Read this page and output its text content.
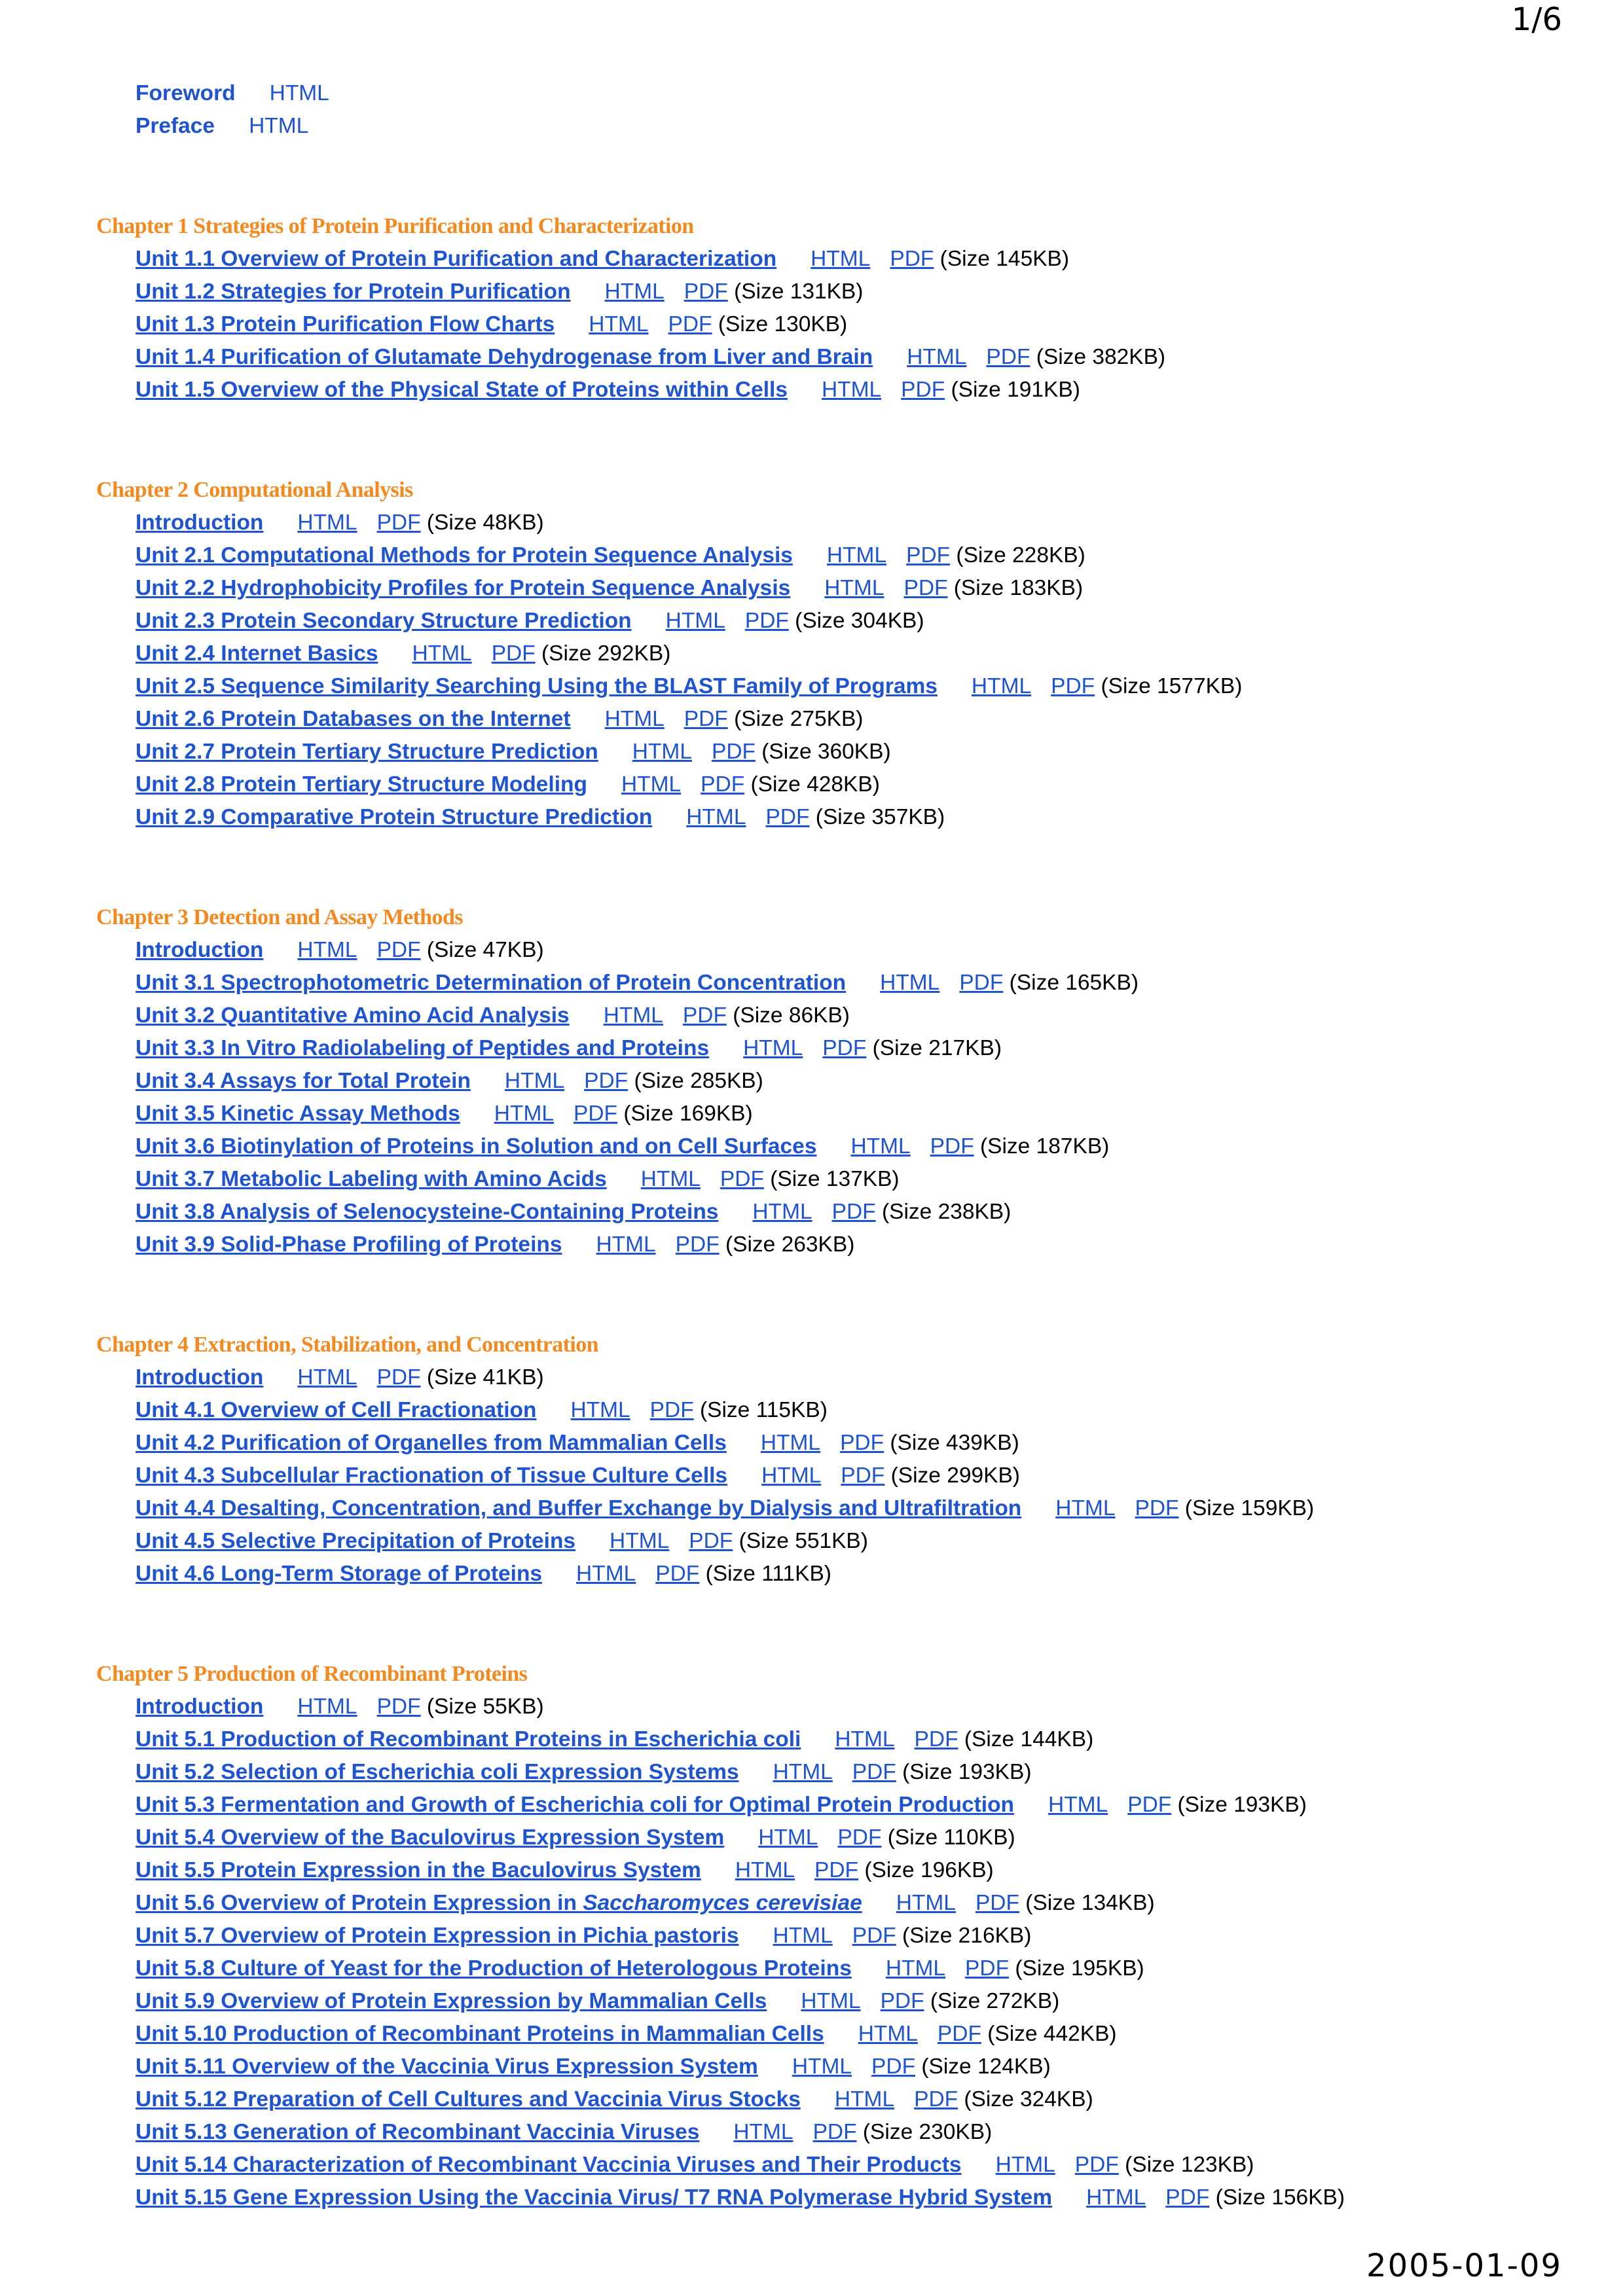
1/6
Foreword HTML
Preface HTML
Chapter 1 Strategies of Protein Purification and Characterization
Unit 1.1 Overview of Protein Purification and Characterization HTML PDF (Size 145KB)
Unit 1.2 Strategies for Protein Purification HTML PDF (Size 131KB)
Unit 1.3 Protein Purification Flow Charts HTML PDF (Size 130KB)
Unit 1.4 Purification of Glutamate Dehydrogenase from Liver and Brain HTML PDF (Size 382KB)
Unit 1.5 Overview of the Physical State of Proteins within Cells HTML PDF (Size 191KB)
Chapter 2 Computational Analysis
Introduction HTML PDF (Size 48KB)
Unit 2.1 Computational Methods for Protein Sequence Analysis HTML PDF (Size 228KB)
Unit 2.2 Hydrophobicity Profiles for Protein Sequence Analysis HTML PDF (Size 183KB)
Unit 2.3 Protein Secondary Structure Prediction HTML PDF (Size 304KB)
Unit 2.4 Internet Basics HTML PDF (Size 292KB)
Unit 2.5 Sequence Similarity Searching Using the BLAST Family of Programs HTML PDF (Size 1577KB)
Unit 2.6 Protein Databases on the Internet HTML PDF (Size 275KB)
Unit 2.7 Protein Tertiary Structure Prediction HTML PDF (Size 360KB)
Unit 2.8 Protein Tertiary Structure Modeling HTML PDF (Size 428KB)
Unit 2.9 Comparative Protein Structure Prediction HTML PDF (Size 357KB)
Chapter 3 Detection and Assay Methods
Introduction HTML PDF (Size 47KB)
Unit 3.1 Spectrophotometric Determination of Protein Concentration HTML PDF (Size 165KB)
Unit 3.2 Quantitative Amino Acid Analysis HTML PDF (Size 86KB)
Unit 3.3 In Vitro Radiolabeling of Peptides and Proteins HTML PDF (Size 217KB)
Unit 3.4 Assays for Total Protein HTML PDF (Size 285KB)
Unit 3.5 Kinetic Assay Methods HTML PDF (Size 169KB)
Unit 3.6 Biotinylation of Proteins in Solution and on Cell Surfaces HTML PDF (Size 187KB)
Unit 3.7 Metabolic Labeling with Amino Acids HTML PDF (Size 137KB)
Unit 3.8 Analysis of Selenocysteine-Containing Proteins HTML PDF (Size 238KB)
Unit 3.9 Solid-Phase Profiling of Proteins HTML PDF (Size 263KB)
Chapter 4 Extraction, Stabilization, and Concentration
Introduction HTML PDF (Size 41KB)
Unit 4.1 Overview of Cell Fractionation HTML PDF (Size 115KB)
Unit 4.2 Purification of Organelles from Mammalian Cells HTML PDF (Size 439KB)
Unit 4.3 Subcellular Fractionation of Tissue Culture Cells HTML PDF (Size 299KB)
Unit 4.4 Desalting, Concentration, and Buffer Exchange by Dialysis and Ultrafiltration HTML PDF (Size 159KB)
Unit 4.5 Selective Precipitation of Proteins HTML PDF (Size 551KB)
Unit 4.6 Long-Term Storage of Proteins HTML PDF (Size 111KB)
Chapter 5 Production of Recombinant Proteins
Introduction HTML PDF (Size 55KB)
Unit 5.1 Production of Recombinant Proteins in Escherichia coli HTML PDF (Size 144KB)
Unit 5.2 Selection of Escherichia coli Expression Systems HTML PDF (Size 193KB)
Unit 5.3 Fermentation and Growth of Escherichia coli for Optimal Protein Production HTML PDF (Size 193KB)
Unit 5.4 Overview of the Baculovirus Expression System HTML PDF (Size 110KB)
Unit 5.5 Protein Expression in the Baculovirus System HTML PDF (Size 196KB)
Unit 5.6 Overview of Protein Expression in Saccharomyces cerevisiae HTML PDF (Size 134KB)
Unit 5.7 Overview of Protein Expression in Pichia pastoris HTML PDF (Size 216KB)
Unit 5.8 Culture of Yeast for the Production of Heterologous Proteins HTML PDF (Size 195KB)
Unit 5.9 Overview of Protein Expression by Mammalian Cells HTML PDF (Size 272KB)
Unit 5.10 Production of Recombinant Proteins in Mammalian Cells HTML PDF (Size 442KB)
Unit 5.11 Overview of the Vaccinia Virus Expression System HTML PDF (Size 124KB)
Unit 5.12 Preparation of Cell Cultures and Vaccinia Virus Stocks HTML PDF (Size 324KB)
Unit 5.13 Generation of Recombinant Vaccinia Viruses HTML PDF (Size 230KB)
Unit 5.14 Characterization of Recombinant Vaccinia Viruses and Their Products HTML PDF (Size 123KB)
Unit 5.15 Gene Expression Using the Vaccinia Virus/ T7 RNA Polymerase Hybrid System HTML PDF (Size 156KB)
2005-01-09
